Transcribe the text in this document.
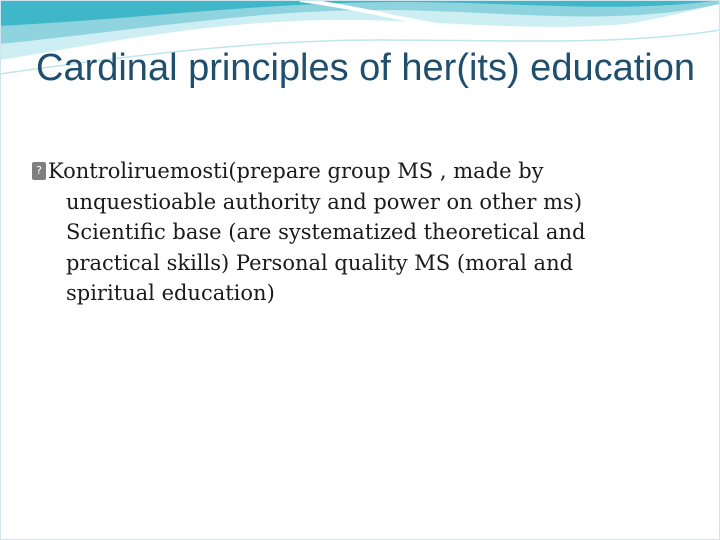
Cardinal principles of her(its) education
? Kontroliruemosti(prepare group MS , made by
unquestioable authority and power on other ms)
Scientific base (are systematized theoretical and
practical skills) Personal quality MS (moral and
spiritual education)
